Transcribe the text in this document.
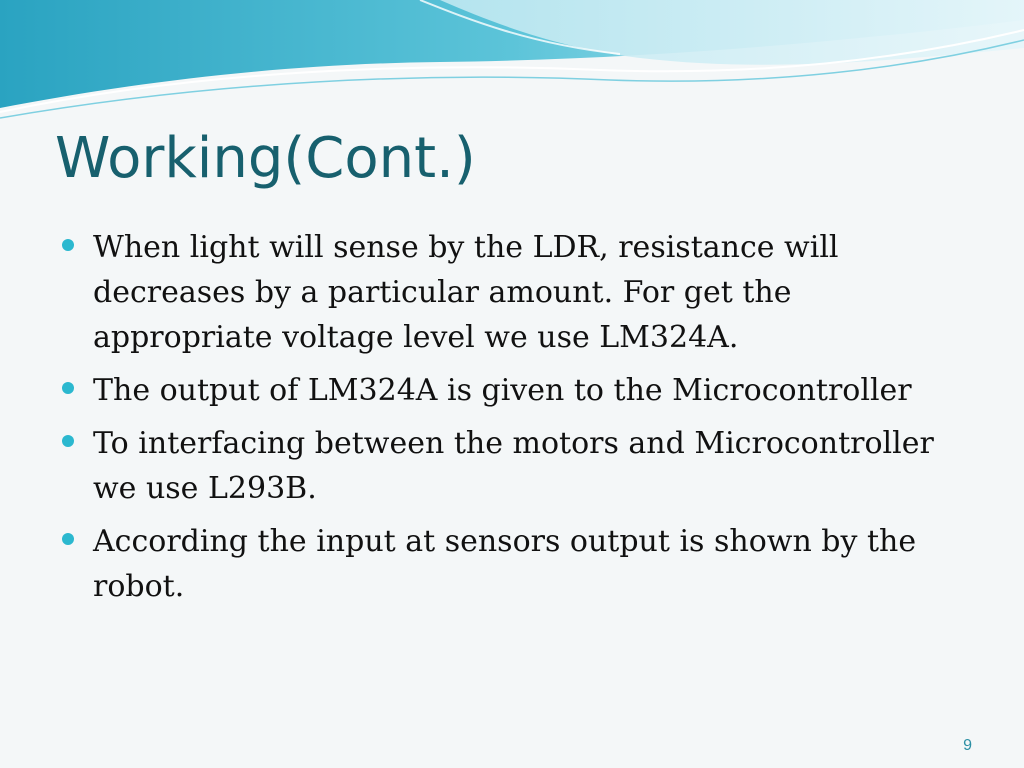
Working(Cont.)
When light will sense by the LDR, resistance will decreases by a particular amount. For get the appropriate voltage level we use LM324A.
The output of LM324A is given to the Microcontroller
To interfacing between the motors and Microcontroller we use L293B.
According the input at sensors output is shown by the robot.
9
